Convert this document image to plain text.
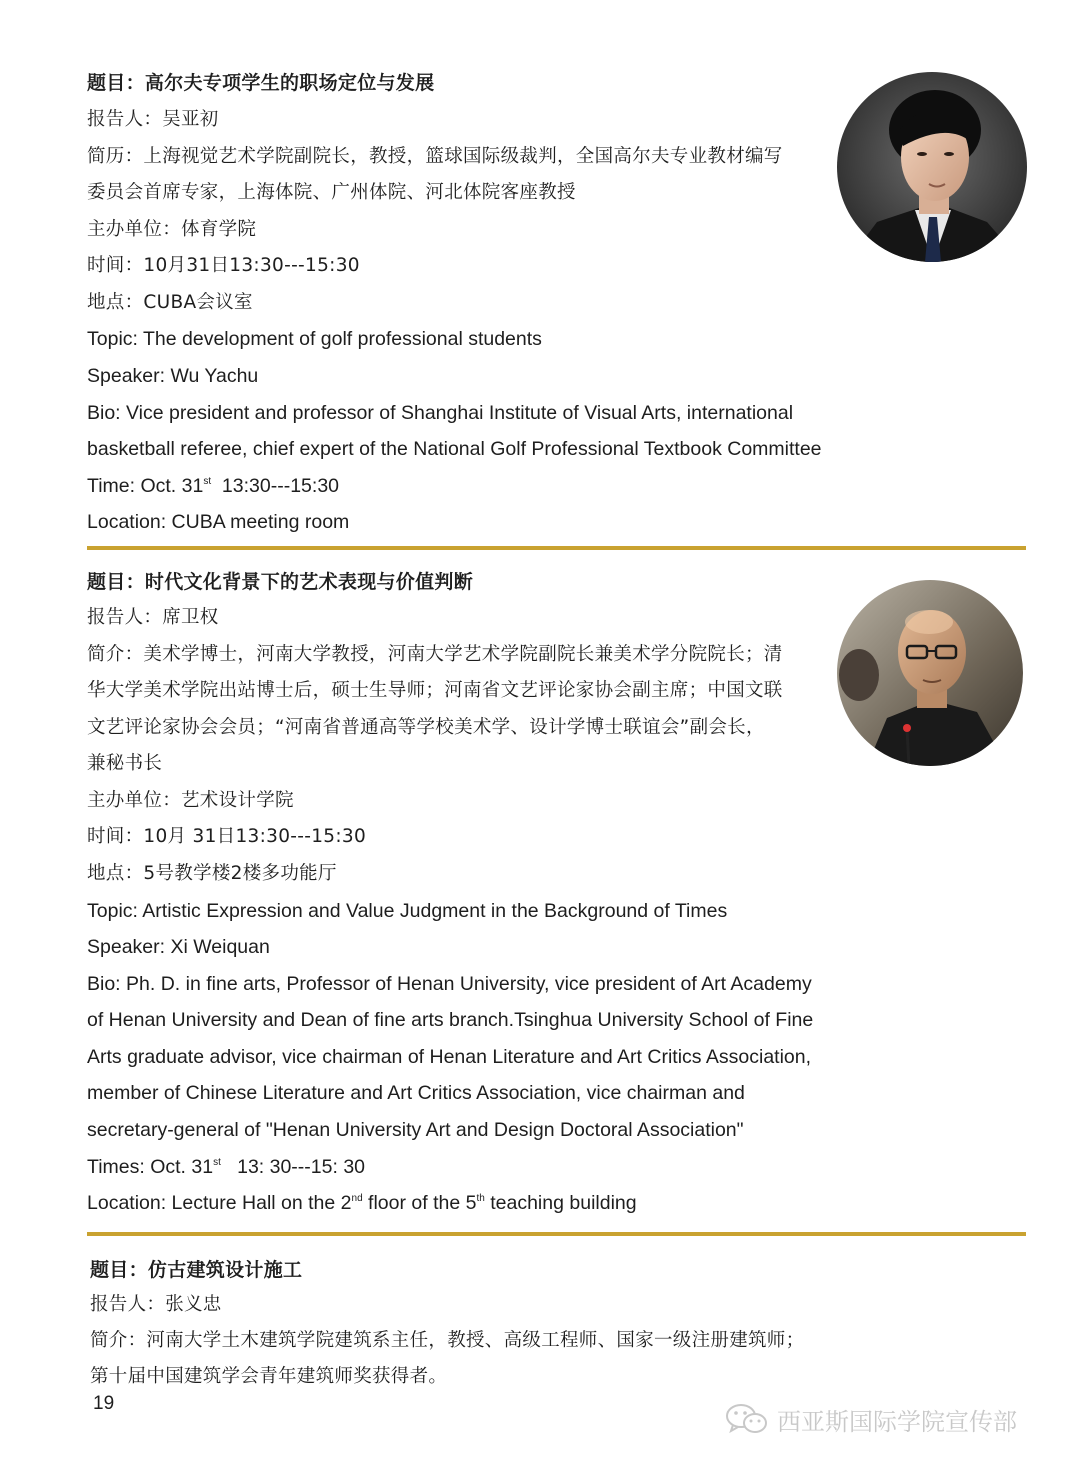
题目：高尔夫专项学生的职场定位与发展
报告人：吴亚初
简历：上海视觉艺术学院副院长，教授，篮球国际级裁判，全国高尔夫专业教材编写
委员会首席专家，上海体院、广州体院、河北体院客座教授
主办单位：体育学院
时间：10月31日13:30---15:30
地点：CUBA会议室
Topic: The development of golf professional students
Speaker: Wu Yachu
Bio: Vice president and professor of Shanghai Institute of Visual Arts, international
basketball referee, chief expert of the National Golf Professional Textbook Committee
Time: Oct. 31st  13:30---15:30
Location: CUBA meeting room
题目：时代文化背景下的艺术表现与价值判断
报告人：席卫权
简介：美术学博士，河南大学教授，河南大学艺术学院副院长兼美术学分院院长；清
华大学美术学院出站博士后，硕士生导师；河南省文艺评论家协会副主席；中国文联
文艺评论家协会会员；“河南省普通高等学校美术学、设计学博士联谊会”副会长，
兼秘书长
主办单位：艺术设计学院
时间：10月 31日13:30---15:30
地点：5号教学楼2楼多功能厅
Topic: Artistic Expression and Value Judgment in the Background of Times
Speaker: Xi Weiquan
Bio: Ph. D. in fine arts, Professor of Henan University, vice president of Art Academy
of Henan University and Dean of fine arts branch.Tsinghua University School of Fine
Arts graduate advisor, vice chairman of Henan Literature and Art Critics Association,
member of Chinese Literature and Art Critics Association, vice chairman and
secretary-general of "Henan University Art and Design Doctoral Association"
Times: Oct. 31st   13: 30---15: 30
Location: Lecture Hall on the 2nd floor of the 5th teaching building
题目：仿古建筑设计施工
报告人：张义忠
简介：河南大学土木建筑学院建筑系主任，教授、高级工程师、国家一级注册建筑师；
第十届中国建筑学会青年建筑师奖获得者。
19
西亚斯国际学院宣传部
